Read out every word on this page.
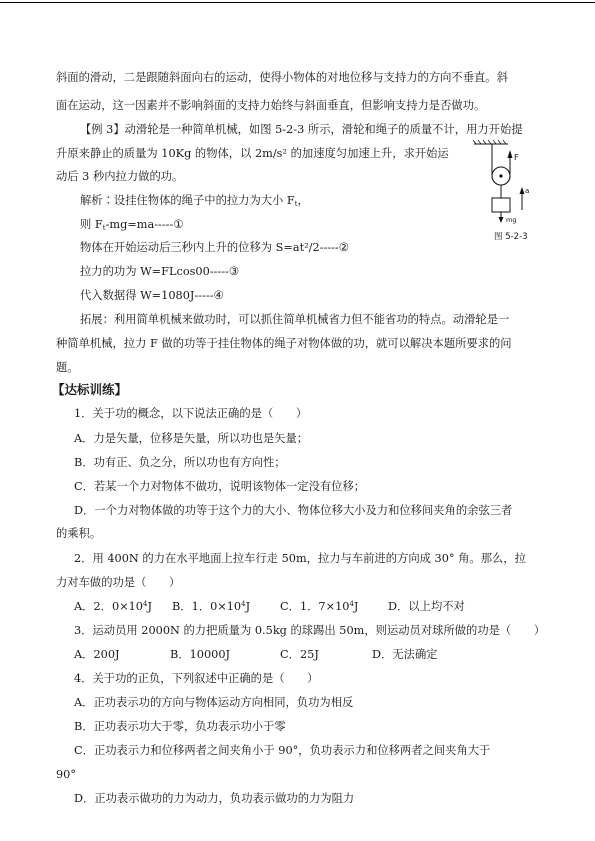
斜面的滑动，二是跟随斜面向右的运动，使得小物体的对地位移与支持力的方向不垂直。斜
面在运动，这一因素并不影响斜面的支持力始终与斜面垂直，但影响支持力是否做功。
【例 3】动滑轮是一种简单机械，如图 5-2-3 所示，滑轮和绳子的质量不计，用力开始提
升原来静止的质量为 10Kg 的物体，以 2m/s² 的加速度匀加速上升，求开始运
动后 3 秒内拉力做的功。
解析∶设挂住物体的绳子中的拉力为大小 $F_t$，
则 $F_t-mg=ma-----①$
物体在开始运动后三秒内上升的位移为 S=at²/2-----②
拉力的功为 W=FLcos00-----③
代入数据得 W=1080J-----④
拓展：利用简单机械来做功时，可以抓住简单机械省力但不能省功的特点。动滑轮是一
种简单机械，拉力 F 做的功等于挂住物体的绳子对物体做的功，就可以解决本题所要求的问
题。
F
a
mg
图 5-2-3
【达标训练】
1．关于功的概念，以下说法正确的是（　　）
A．力是矢量，位移是矢量，所以功也是矢量；
B．功有正、负之分，所以功也有方向性；
C．若某一个力对物体不做功，说明该物体一定没有位移；
D．一个力对物体做的功等于这个力的大小、物体位移大小及力和位移间夹角的余弦三者
的乘积。
2．用 400N 的力在水平地面上拉车行走 50m，拉力与车前进的方向成 30° 角。那么，拉
力对车做的功是（　　）
A．2．$0\times 10^4J$ B．1．$0\times 10^4J$	C．1．$7\times 10^4J$	D．以上均不对
3．运动员用 2000N 的力把质量为 0.5kg 的球踢出 50m，则运动员对球所做的功是（　　）
A．200J	B．10000J	C．25J	D．无法确定
4．关于功的正负，下列叙述中正确的是（　　）
A．正功表示功的方向与物体运动方向相同，负功为相反
B．正功表示功大于零，负功表示功小于零
C．正功表示力和位移两者之间夹角小于 90°，负功表示力和位移两者之间夹角大于
90°
D．正功表示做功的力为动力，负功表示做功的力为阻力
